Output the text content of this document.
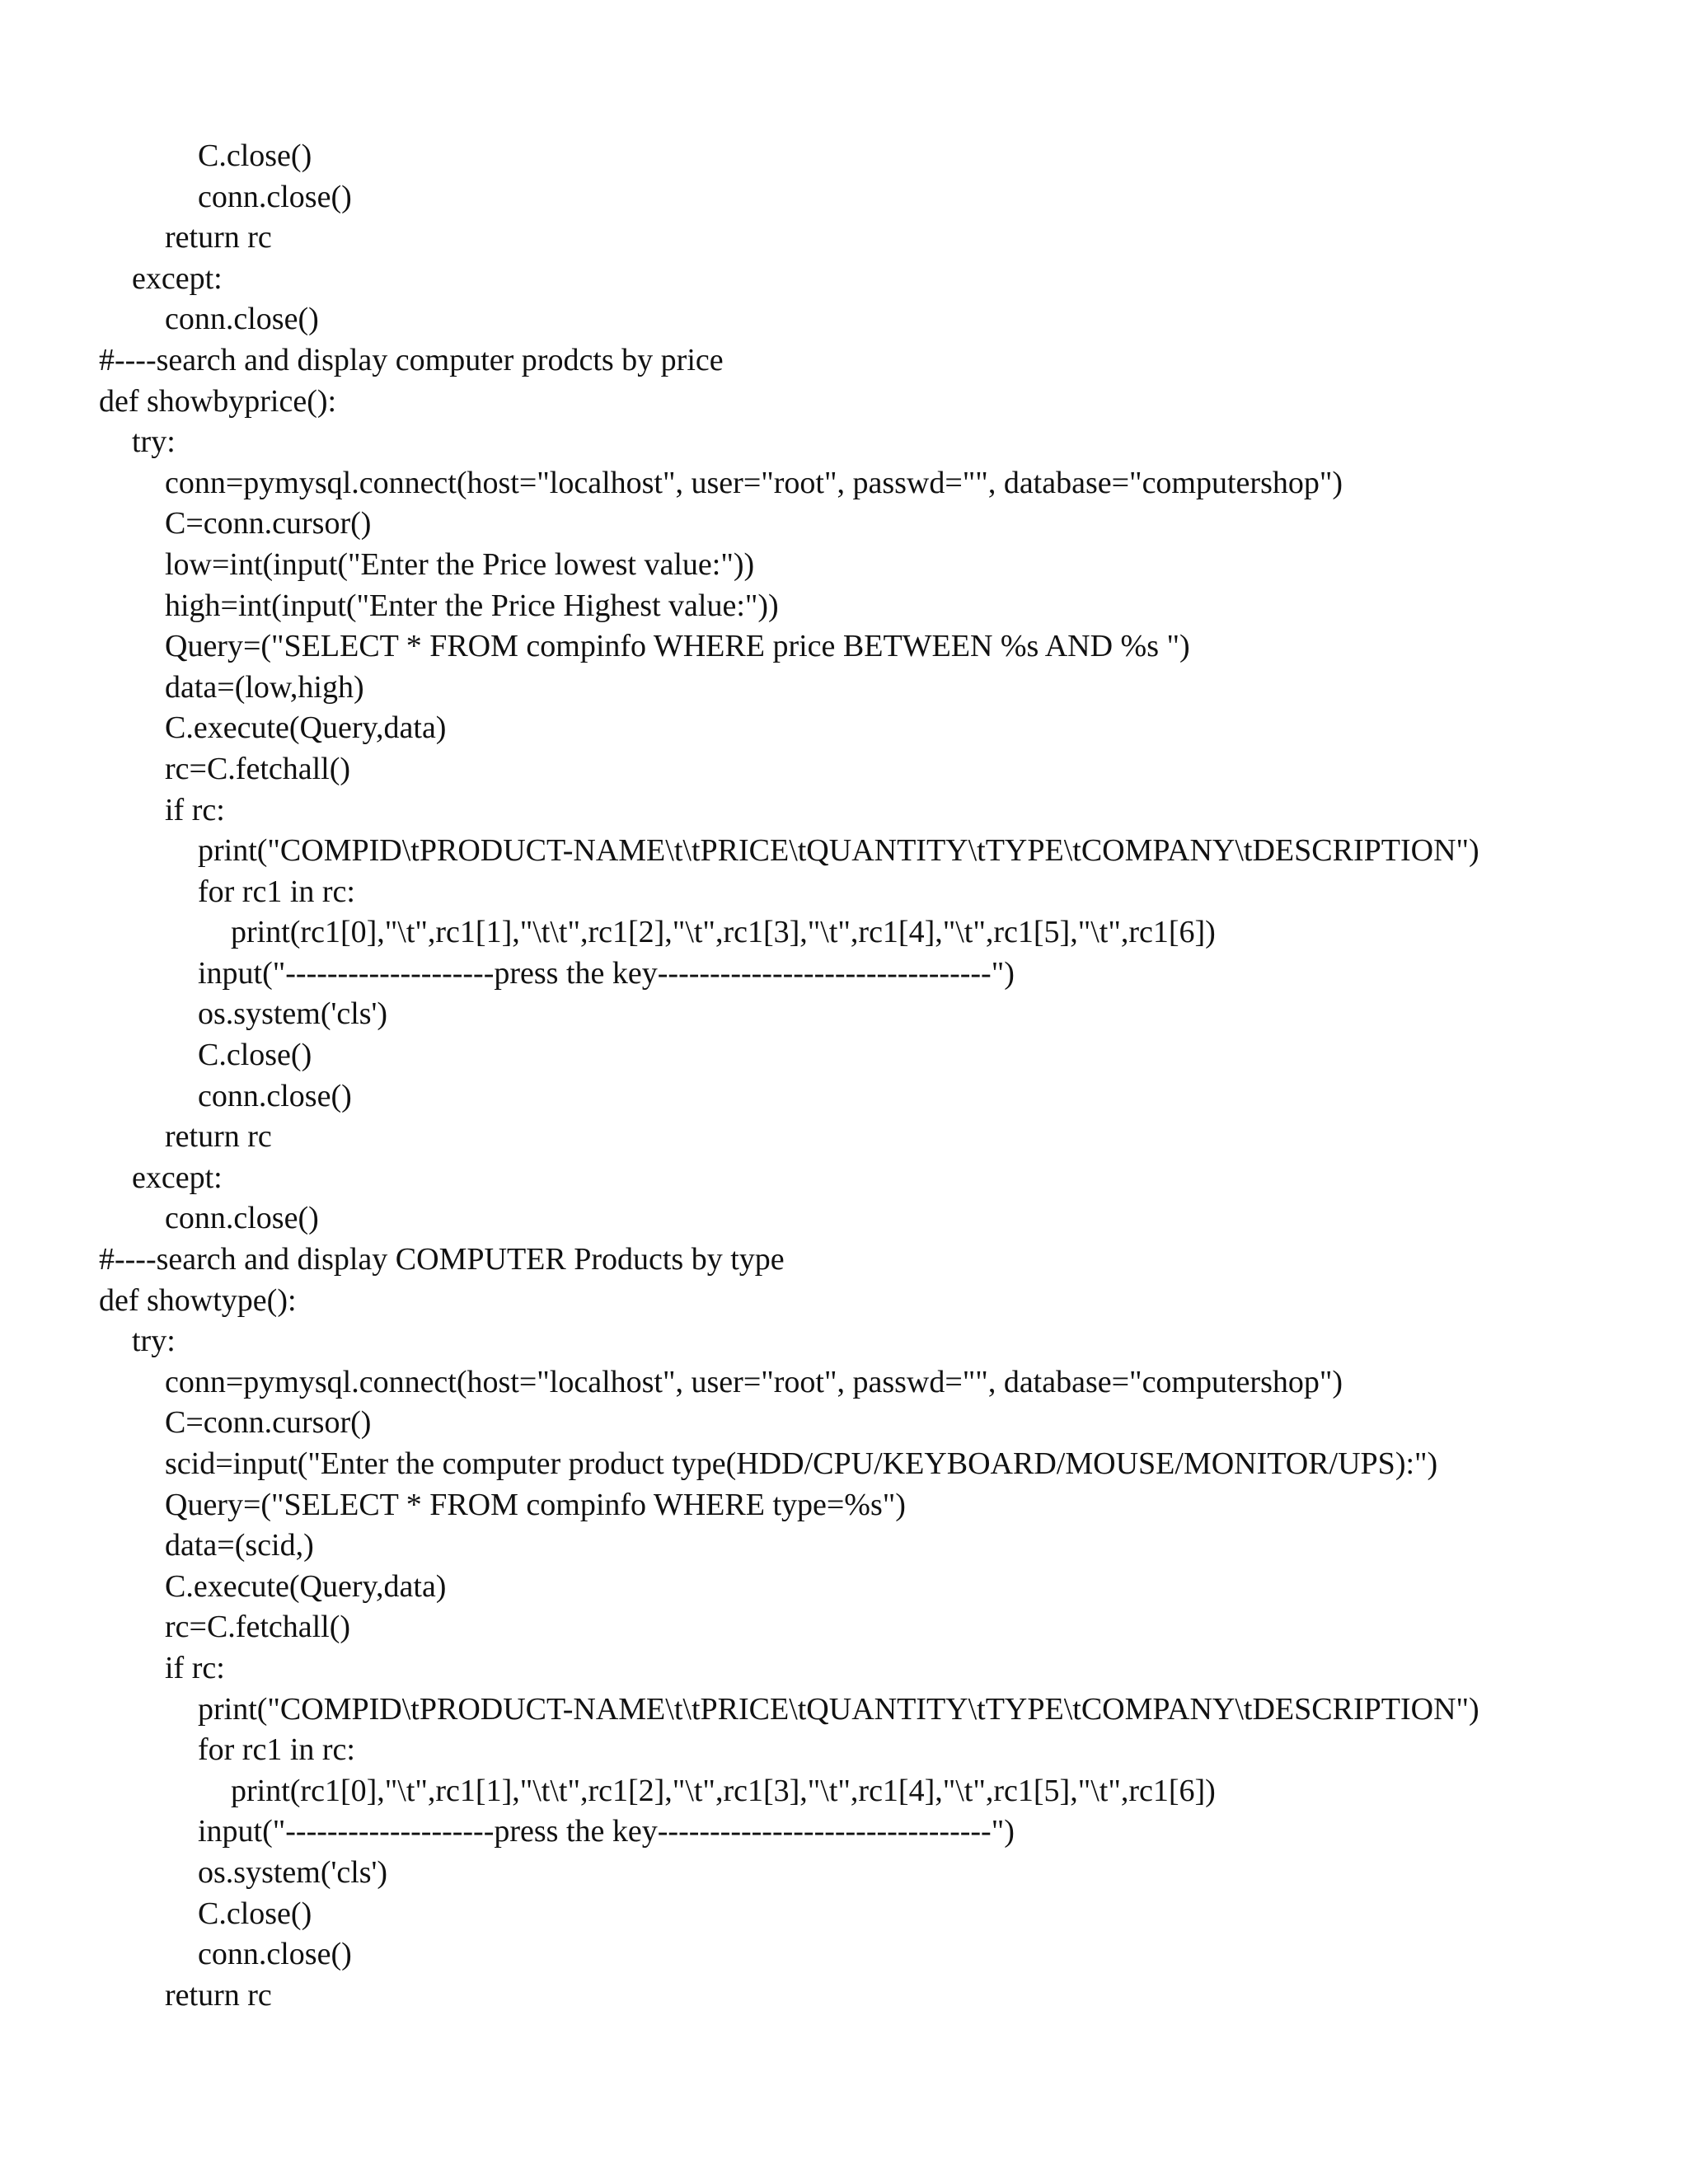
C.close()
conn.close()
return rc
except:
conn.close()
#----search and display computer prodcts by price
def showbyprice():
try:
conn=pymysql.connect(host="localhost", user="root", passwd="", database="computershop")
C=conn.cursor()
low=int(input("Enter the Price lowest value:"))
high=int(input("Enter the Price Highest value:"))
Query=("SELECT * FROM compinfo WHERE price BETWEEN %s AND %s ")
data=(low,high)
C.execute(Query,data)
rc=C.fetchall()
if rc:
print("COMPID\tPRODUCT-NAME\t\tPRICE\tQUANTITY\tTYPE\tCOMPANY\tDESCRIPTION")
for rc1 in rc:
print(rc1[0],"\t",rc1[1],"\t\t",rc1[2],"\t",rc1[3],"\t",rc1[4],"\t",rc1[5],"\t",rc1[6])
input("--------------------press the key--------------------------------")
os.system('cls')
C.close()
conn.close()
return rc
except:
conn.close()
#----search and display COMPUTER Products by type
def showtype():
try:
conn=pymysql.connect(host="localhost", user="root", passwd="", database="computershop")
C=conn.cursor()
scid=input("Enter the computer product type(HDD/CPU/KEYBOARD/MOUSE/MONITOR/UPS):")
Query=("SELECT * FROM compinfo WHERE type=%s")
data=(scid,)
C.execute(Query,data)
rc=C.fetchall()
if rc:
print("COMPID\tPRODUCT-NAME\t\tPRICE\tQUANTITY\tTYPE\tCOMPANY\tDESCRIPTION")
for rc1 in rc:
print(rc1[0],"\t",rc1[1],"\t\t",rc1[2],"\t",rc1[3],"\t",rc1[4],"\t",rc1[5],"\t",rc1[6])
input("--------------------press the key--------------------------------")
os.system('cls')
C.close()
conn.close()
return rc
